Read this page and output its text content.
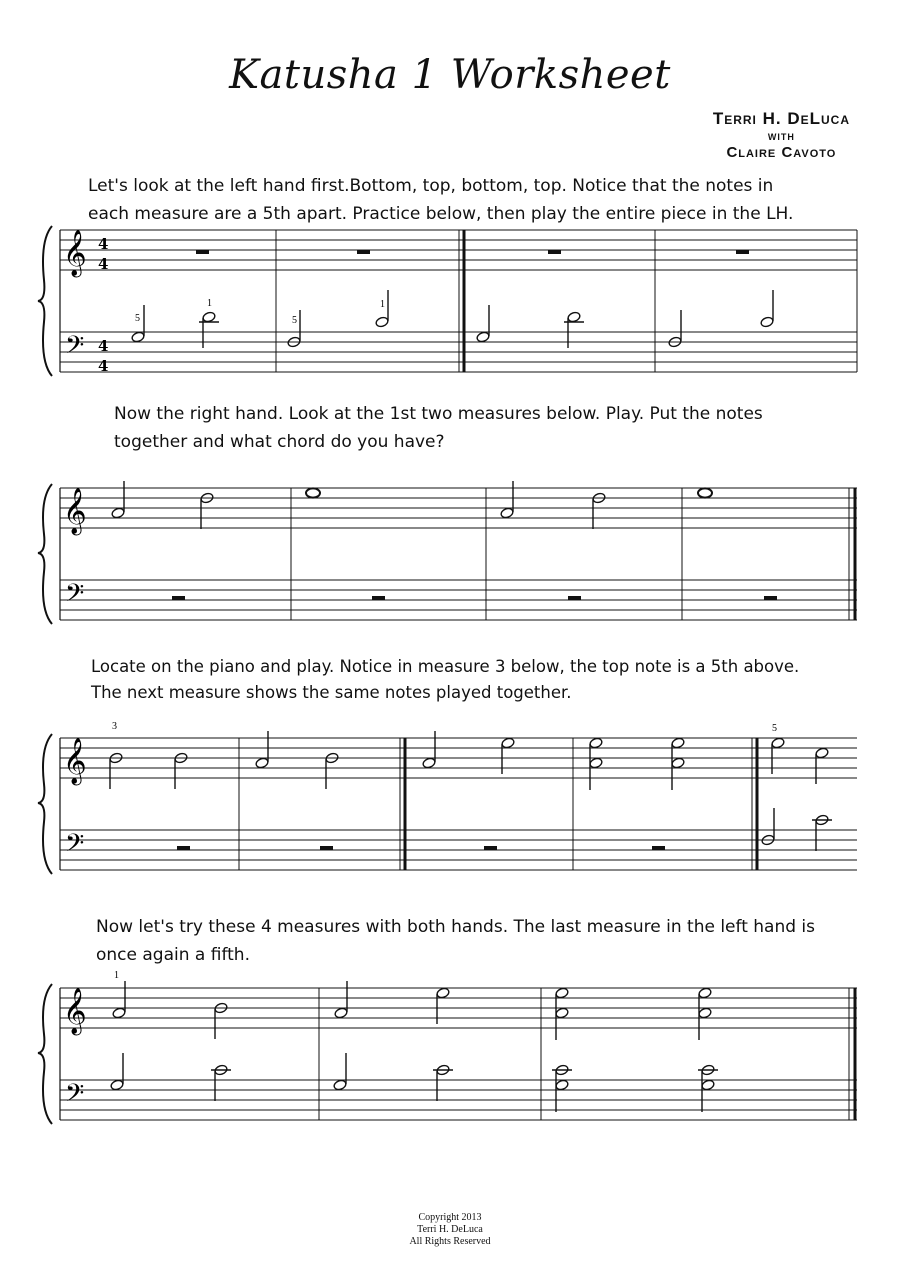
Katusha 1 Worksheet
Terri H. DeLuca
with
Claire Cavoto
Let's look at the left hand first.Bottom, top, bottom, top. Notice that the notes in
each measure are a 5th apart. Practice below, then play the entire piece in the LH.
𝄞
𝄢
4
4
4
4
5
1
5
1
Now the right hand. Look at the 1st two measures below. Play. Put the notes
together and what chord do you have?
𝄞
𝄢
Locate on the piano and play. Notice in measure 3 below, the top note is a 5th above.
The next measure shows the same notes played together.
𝄞
𝄢
3	5
Now let's try these 4 measures with both hands. The last measure in the left hand is
once again a fifth.
𝄞
𝄢
1
Copyright 2013
Terri H. DeLuca
All Rights Reserved
